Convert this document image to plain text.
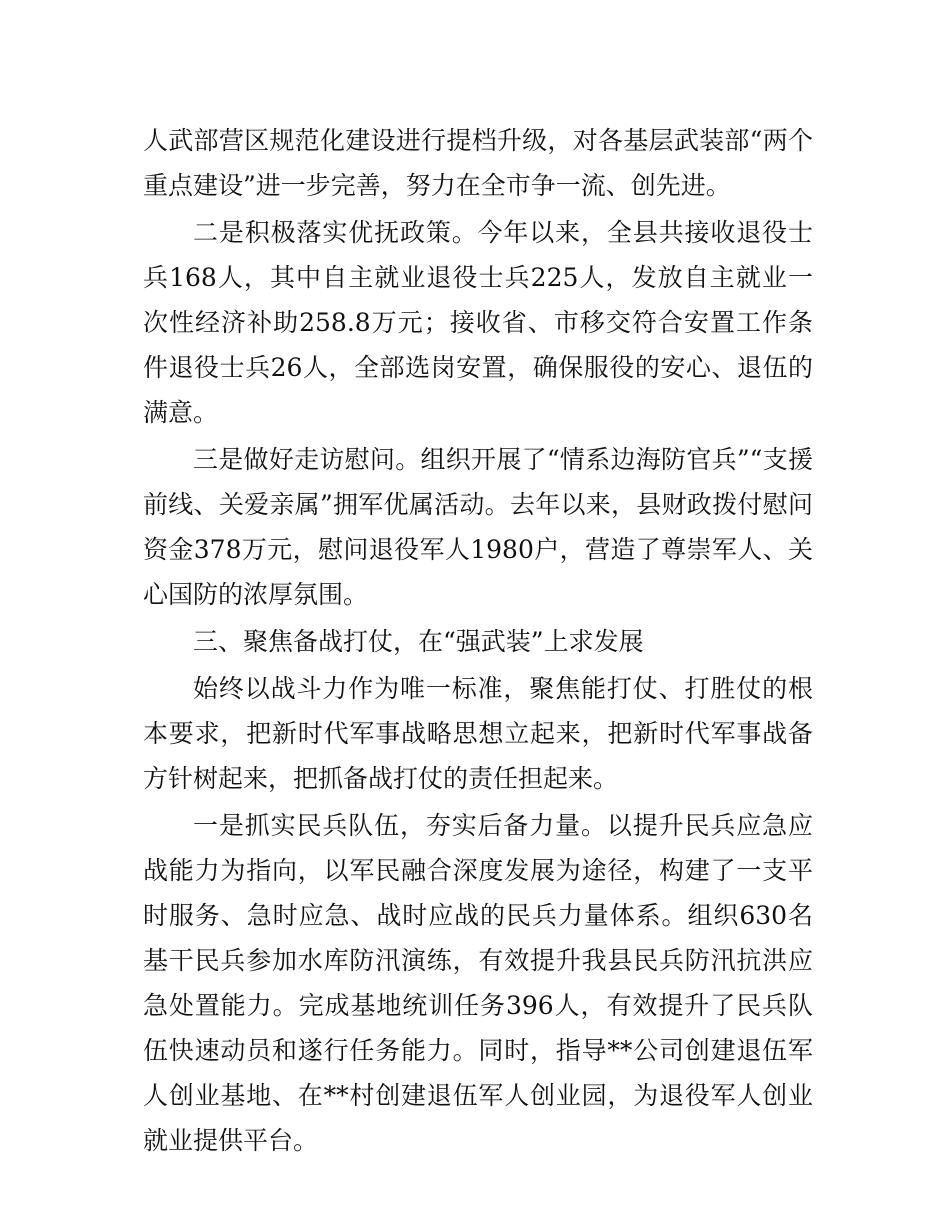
人武部营区规范化建设进行提档升级，对各基层武装部“两个重点建设”进一步完善，努力在全市争一流、创先进。

二是积极落实优抚政策。今年以来，全县共接收退役士兵168人，其中自主就业退役士兵225人，发放自主就业一次性经济补助258.8万元；接收省、市移交符合安置工作条件退役士兵26人，全部选岗安置，确保服役的安心、退伍的满意。

三是做好走访慰问。组织开展了“情系边海防官兵”“支援前线、关爱亲属”拥军优属活动。去年以来，县财政拨付慰问资金378万元，慰问退役军人1980户，营造了尊崇军人、关心国防的浓厚氛围。

三、聚焦备战打仗，在“强武装”上求发展

始终以战斗力作为唯一标准，聚焦能打仗、打胜仗的根本要求，把新时代军事战略思想立起来，把新时代军事战备方针树起来，把抓备战打仗的责任担起来。

一是抓实民兵队伍，夯实后备力量。以提升民兵应急应战能力为指向，以军民融合深度发展为途径，构建了一支平时服务、急时应急、战时应战的民兵力量体系。组织630名基干民兵参加水库防汛演练，有效提升我县民兵防汛抗洪应急处置能力。完成基地统训任务396人，有效提升了民兵队伍快速动员和遂行任务能力。同时，指导**公司创建退伍军人创业基地、在**村创建退伍军人创业园，为退役军人创业就业提供平台。
